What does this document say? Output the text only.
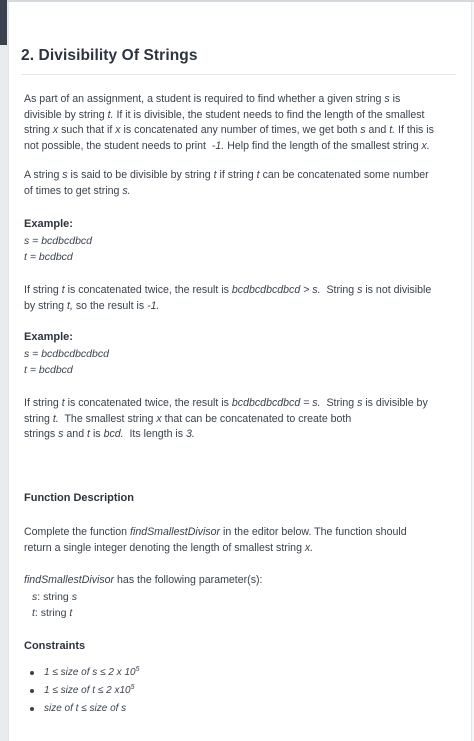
2. Divisibility Of Strings
As part of an assignment, a student is required to find whether a given string s is
divisible by string t. If it is divisible, the student needs to find the length of the smallest
string x such that if x is concatenated any number of times, we get both s and t. If this is
not possible, the student needs to print -1. Help find the length of the smallest string x.
A string s is said to be divisible by string t if string t can be concatenated some number
of times to get string s.
Example:
s = bcdbcdbcd
t = bcdbcd
If string t is concatenated twice, the result is bcdbcdbcdbcd > s. String s is not divisible
by string t, so the result is -1.
Example:
s = bcdbcdbcdbcd
t = bcdbcd
If string t is concatenated twice, the result is bcdbcdbcdbcd = s. String s is divisible by
string t. The smallest string x that can be concatenated to create both
strings s and t is bcd. Its length is 3.
Function Description
Complete the function findSmallestDivisor in the editor below. The function should
return a single integer denoting the length of smallest string x.
findSmallestDivisor has the following parameter(s):
s: string s
t: string t
Constraints
1 ≤ size of s ≤ 2 x $10^5$
1 ≤ size of t ≤ 2 $x10^5$
size of t ≤ size of s
